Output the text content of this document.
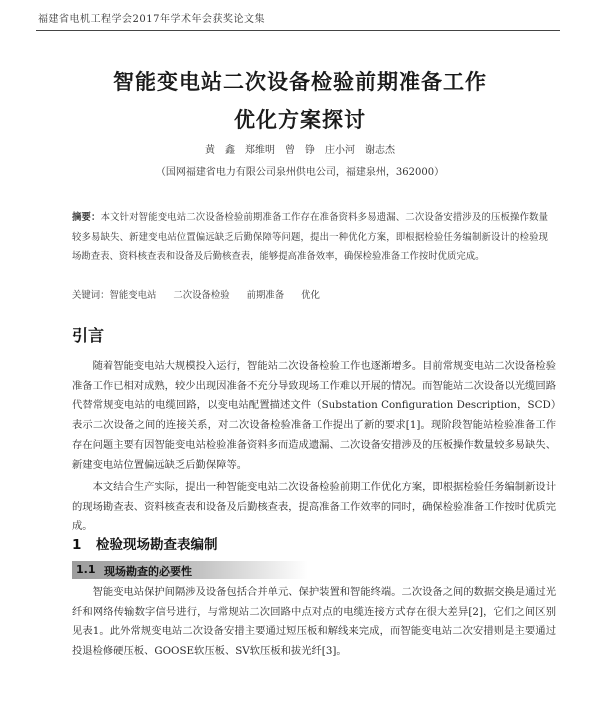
福建省电机工程学会2017年学术年会获奖论文集
智能变电站二次设备检验前期准备工作
优化方案探讨
黄　鑫　郑维明　曾　铮　庄小河　谢志杰
（国网福建省电力有限公司泉州供电公司，福建泉州，362000）
摘要：本文针对智能变电站二次设备检验前期准备工作存在准备资料多易遗漏、二次设备安措涉及的压板操作数量较多易缺失、新建变电站位置偏远缺乏后勤保障等问题，提出一种优化方案，即根据检验任务编制新设计的检验现场勘查表、资料核查表和设备及后勤核查表，能够提高准备效率，确保检验准备工作按时优质完成。
关键词：智能变电站 二次设备检验 前期准备 优化
引言
随着智能变电站大规模投入运行，智能站二次设备检验工作也逐渐增多。目前常规变电站二次设备检验准备工作已相对成熟，较少出现因准备不充分导致现场工作难以开展的情况。而智能站二次设备以光缆回路代替常规变电站的电缆回路，以变电站配置描述文件（Substation Configuration Description，SCD）表示二次设备之间的连接关系，对二次设备检验准备工作提出了新的要求[1]。现阶段智能站检验准备工作存在问题主要有因智能变电站检验准备资料多而造成遗漏、二次设备安措涉及的压板操作数量较多易缺失、新建变电站位置偏远缺乏后勤保障等。
本文结合生产实际，提出一种智能变电站二次设备检验前期工作优化方案，即根据检验任务编制新设计的现场勘查表、资料核查表和设备及后勤核查表，提高准备工作效率的同时，确保检验准备工作按时优质完成。
1 检验现场勘查表编制
1.1 现场勘查的必要性
智能变电站保护间隔涉及设备包括合并单元、保护装置和智能终端。二次设备之间的数据交换是通过光纤和网络传输数字信号进行，与常规站二次回路中点对点的电缆连接方式存在很大差异[2]，它们之间区别见表1。此外常规变电站二次设备安措主要通过短压板和解线来完成，而智能变电站二次安措则是主要通过投退检修硬压板、GOOSE软压板、SV软压板和拔光纤[3]。
